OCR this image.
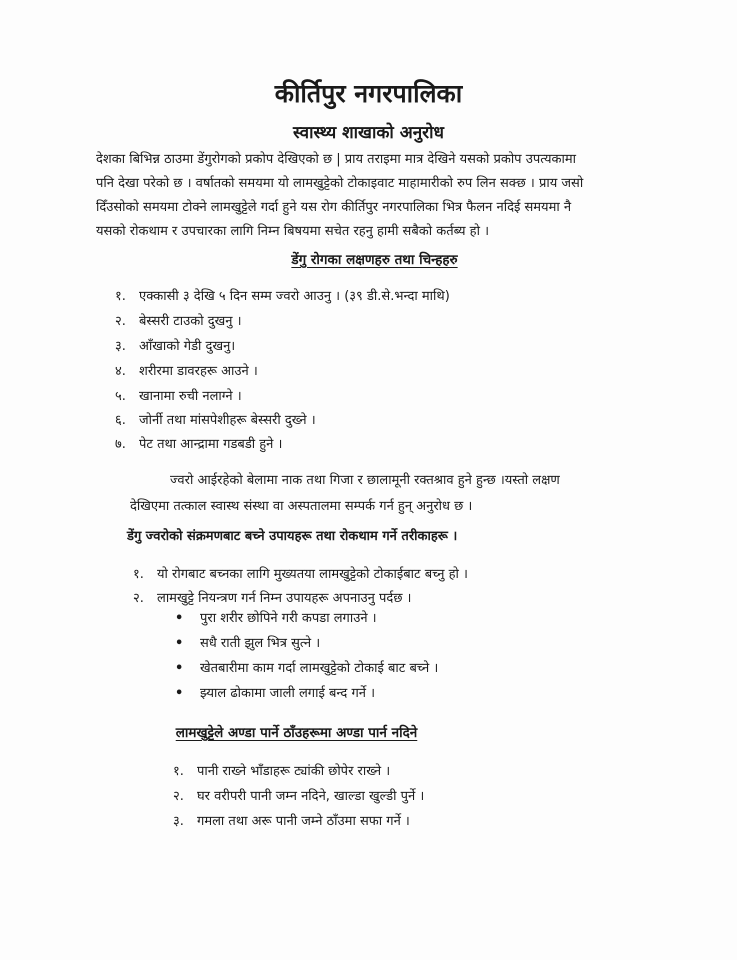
कीर्तिपुर नगरपालिका
स्वास्थ्य शाखाको अनुरोध

देशका बिभिन्न ठाउमा डेंगुरोगको प्रकोप देखिएको छ | प्राय तराइमा मात्र देखिने यसको प्रकोप उपत्यकामा

पनि देखा परेको छ । वर्षातको समयमा यो लामखुट्टेको टोकाइवाट माहामारीको रुप लिन सक्छ । प्राय जसो

दिँउसोको समयमा टोक्ने लामखुट्टेले गर्दा हुने यस रोग कीर्तिपुर नगरपालिका भित्र फैलन नदिई समयमा नै

यसको रोकथाम र उपचारका लागि निम्न बिषयमा सचेत रहनु हामी सबैको कर्तब्य हो ।

डेंगु रोगका लक्षणहरु तथा चिन्हहरु
१. एक्कासी ३ देखि ५ दिन सम्म ज्वरो आउनु । (३९ डी.से.भन्दा माथि)
२. बेस्सरी टाउको दुखनु ।
३. आँखाको गेडी दुखनु।
४. शरीरमा डावरहरू आउने ।
५. खानामा रुची नलाग्ने ।
६. जोर्नी तथा मांसपेशीहरू बेस्सरी दुख्ने ।
७. पेट तथा आन्द्रामा गडबडी हुने ।

ज्वरो आईरहेको बेलामा नाक तथा गिजा र छालामूनी रक्तश्राव हुने हुन्छ ।यस्तो लक्षण

देखिएमा तत्काल स्वास्थ संस्था वा अस्पतालमा सम्पर्क गर्न हुन् अनुरोध छ ।

डेंगु ज्वरोको संक्रमणबाट बच्ने उपायहरू तथा रोकथाम गर्ने तरीकाहरू ।
१. यो रोगबाट बच्नका लागि मुख्यतया लामखुट्टेको टोकाईबाट बच्नु हो ।
२. लामखुट्टे नियन्त्रण गर्न निम्न उपायहरू अपनाउनु पर्दछ ।
• पुरा शरीर छोपिने गरी कपडा लगाउने ।
• सधै राती झुल भित्र सुत्ने ।
• खेतबारीमा काम गर्दा लामखुट्टेको टोकाई बाट बच्ने ।
• झ्याल ढोकामा जाली लगाई बन्द गर्ने ।
लामखुट्टेले अण्डा पार्ने ठाँउहरूमा अण्डा पार्न नदिने
१. पानी राख्ने भाँडाहरू ट्यांकी छोपेर राख्ने ।
२. घर वरीपरी पानी जम्न नदिने, खाल्डा खुल्डी पुर्ने ।
३. गमला तथा अरू पानी जम्ने ठाँउमा सफा गर्ने ।
